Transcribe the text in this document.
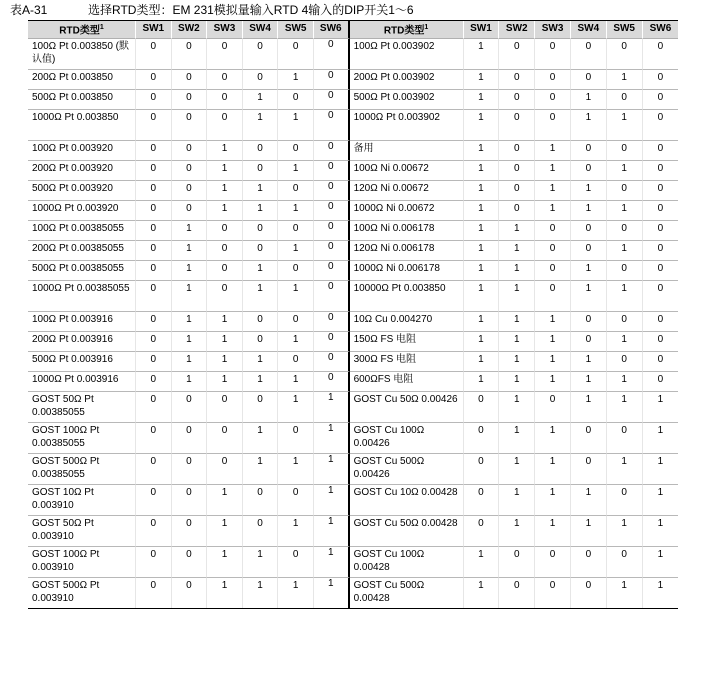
表A-31	选择RTD类型：EM 231模拟量输入RTD 4输入的DIP开关1～6
RTD类型$^1$	SW1	SW2	SW3	SW4	SW5	SW6	RTD类型$^1$	SW1	SW2	SW3	SW4	SW5	SW6
100Ω Pt 0.003850 (默认值)	0	0	0	0	0	0	100Ω Pt 0.003902	1	0	0	0	0	0
200Ω Pt 0.003850	0	0	0	0	1	0	200Ω Pt 0.003902	1	0	0	0	1	0
500Ω Pt 0.003850	0	0	0	1	0	0	500Ω Pt 0.003902	1	0	0	1	0	0
1000Ω Pt 0.003850	0	0	0	1	1	0	1000Ω Pt 0.003902	1	0	0	1	1	0
100Ω Pt 0.003920	0	0	1	0	0	0	备用	1	0	1	0	0	0
200Ω Pt 0.003920	0	0	1	0	1	0	100Ω Ni 0.00672	1	0	1	0	1	0
500Ω Pt 0.003920	0	0	1	1	0	0	120Ω Ni 0.00672	1	0	1	1	0	0
1000Ω Pt 0.003920	0	0	1	1	1	0	1000Ω Ni 0.00672	1	0	1	1	1	0
100Ω Pt 0.00385055	0	1	0	0	0	0	100Ω Ni 0.006178	1	1	0	0	0	0
200Ω Pt 0.00385055	0	1	0	0	1	0	120Ω Ni 0.006178	1	1	0	0	1	0
500Ω Pt 0.00385055	0	1	0	1	0	0	1000Ω Ni 0.006178	1	1	0	1	0	0
1000Ω Pt 0.00385055	0	1	0	1	1	0	10000Ω Pt 0.003850	1	1	0	1	1	0
100Ω Pt 0.003916	0	1	1	0	0	0	10Ω Cu 0.004270	1	1	1	0	0	0
200Ω Pt 0.003916	0	1	1	0	1	0	150Ω FS 电阻	1	1	1	0	1	0
500Ω Pt 0.003916	0	1	1	1	0	0	300Ω FS 电阻	1	1	1	1	0	0
1000Ω Pt 0.003916	0	1	1	1	1	0	600ΩFS 电阻	1	1	1	1	1	0
GOST 50Ω Pt 0.00385055	0	0	0	0	1	1	GOST Cu 50Ω 0.00426	0	1	0	1	1	1
GOST 100Ω Pt 0.00385055	0	0	0	1	0	1	GOST Cu 100Ω 0.00426	0	1	1	0	0	1
GOST 500Ω Pt 0.00385055	0	0	0	1	1	1	GOST Cu 500Ω 0.00426	0	1	1	0	1	1
GOST 10Ω Pt 0.003910	0	0	1	0	0	1	GOST Cu 10Ω 0.00428	0	1	1	1	0	1
GOST 50Ω Pt 0.003910	0	0	1	0	1	1	GOST Cu 50Ω 0.00428	0	1	1	1	1	1
GOST 100Ω Pt 0.003910	0	0	1	1	0	1	GOST Cu 100Ω 0.00428	1	0	0	0	0	1
GOST 500Ω Pt 0.003910	0	0	1	1	1	1	GOST Cu 500Ω 0.00428	1	0	0	0	1	1
